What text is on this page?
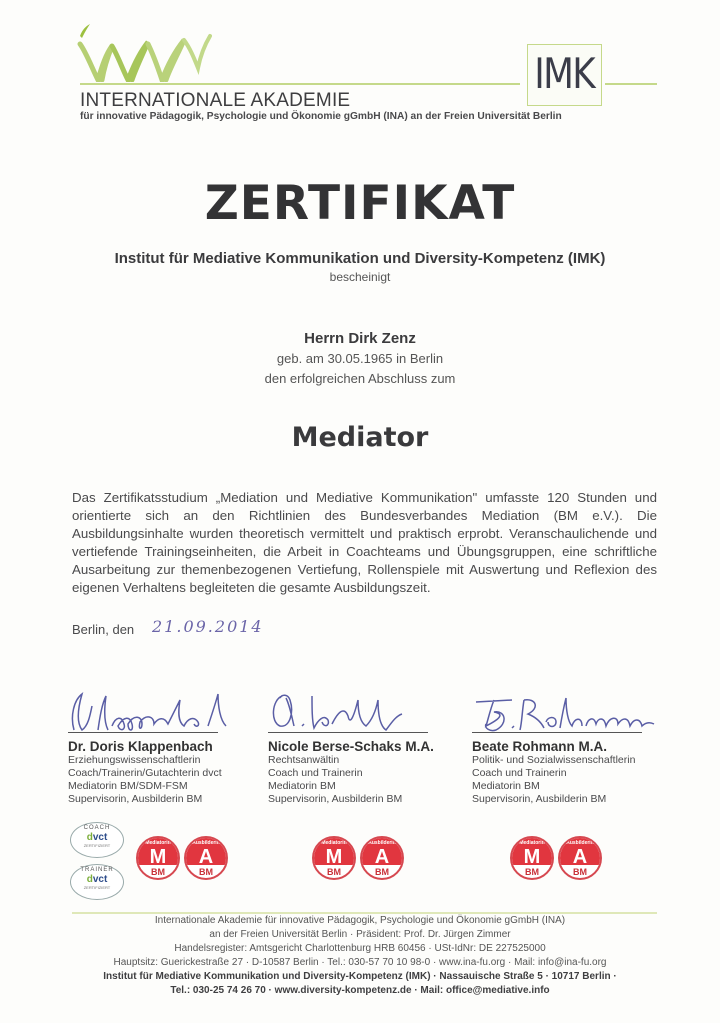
IMK
INTERNATIONALE AKADEMIE
für innovative Pädagogik, Psychologie und Ökonomie gGmbH (INA) an der Freien Universität Berlin
ZERTIFIKAT
Institut für Mediative Kommunikation und Diversity-Kompetenz (IMK)
bescheinigt
Herrn Dirk Zenz
geb. am 30.05.1965 in Berlin
den erfolgreichen Abschluss zum
Mediator
Das Zertifikatsstudium „Mediation und Mediative Kommunikation" umfasste 120 Stunden und orientierte sich an den Richtlinien des Bundesverbandes Mediation (BM e.V.). Die Ausbildungsinhalte wurden theoretisch vermittelt und praktisch erprobt. Veranschaulichende und vertiefende Trainingseinheiten, die Arbeit in Coachteams und Übungsgruppen, eine schriftliche Ausarbeitung zur themenbezogenen Vertiefung, Rollenspiele mit Auswertung und Reflexion des eigenen Verhaltens begleiteten die gesamte Ausbildungszeit.
Berlin, den 21.09.2014
Dr. Doris Klappenbach
Erziehungswissenschaftlerin
Coach/Trainerin/Gutachterin dvct
Mediatorin BM/SDM-FSM
Supervisorin, Ausbilderin BM
Nicole Berse-Schaks M.A.
Rechtsanwältin
Coach und Trainerin
Mediatorin BM
Supervisorin, Ausbilderin BM
Beate Rohmann M.A.
Politik- und Sozialwissenschaftlerin
Coach und Trainerin
Mediatorin BM
Supervisorin, Ausbilderin BM
COACH
dvct
ZERTIFIZIERT
TRAINER
dvct
ZERTIFIZIERT
Mediatorin
M
BM
Ausbilderin
A
BM
Mediatorin
M
BM
Ausbilderin
A
BM
Mediatorin
M
BM
Ausbilderin
A
BM
Internationale Akademie für innovative Pädagogik, Psychologie und Ökonomie gGmbH (INA)
an der Freien Universität Berlin · Präsident: Prof. Dr. Jürgen Zimmer
Handelsregister: Amtsgericht Charlottenburg HRB 60456 · USt-IdNr: DE 227525000
Hauptsitz: Guerickestraße 27 · D-10587 Berlin · Tel.: 030-57 70 10 98-0 · www.ina-fu.org · Mail: info@ina-fu.org
Institut für Mediative Kommunikation und Diversity-Kompetenz (IMK) · Nassauische Straße 5 · 10717 Berlin ·
Tel.: 030-25 74 26 70 · www.diversity-kompetenz.de · Mail: office@mediative.info
